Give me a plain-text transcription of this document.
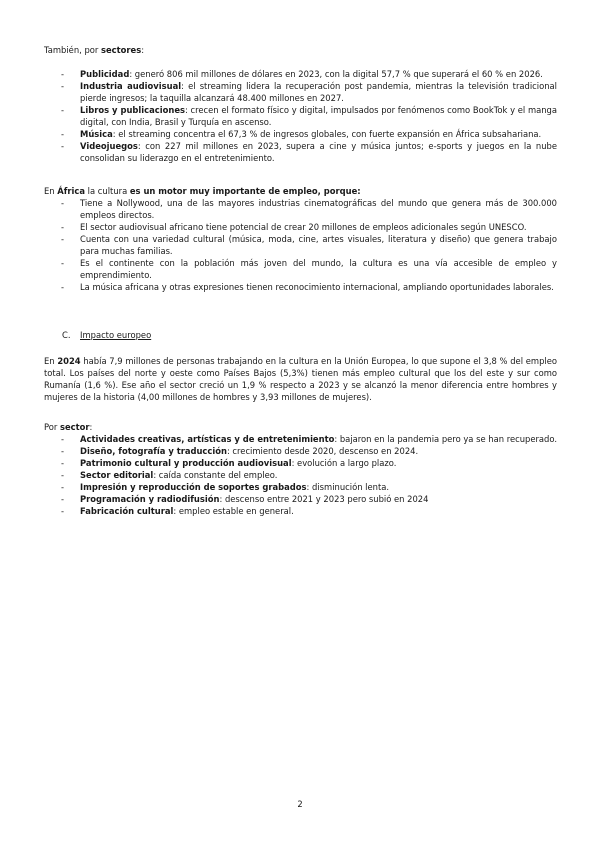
También, por sectores:

- Publicidad: generó 806 mil millones de dólares en 2023, con la digital 57,7 % que superará el 60 % en 2026.
- Industria audiovisual: el streaming lidera la recuperación post pandemia, mientras la televisión tradicional pierde ingresos; la taquilla alcanzará 48.400 millones en 2027.
- Libros y publicaciones: crecen el formato físico y digital, impulsados por fenómenos como BookTok y el manga digital, con India, Brasil y Turquía en ascenso.
- Música: el streaming concentra el 67,3 % de ingresos globales, con fuerte expansión en África subsahariana.
- Videojuegos: con 227 mil millones en 2023, supera a cine y música juntos; e-sports y juegos en la nube consolidan su liderazgo en el entretenimiento.

En África la cultura es un motor muy importante de empleo, porque:

- Tiene a Nollywood, una de las mayores industrias cinematográficas del mundo que genera más de 300.000 empleos directos.
- El sector audiovisual africano tiene potencial de crear 20 millones de empleos adicionales según UNESCO.
- Cuenta con una variedad cultural (música, moda, cine, artes visuales, literatura y diseño) que genera trabajo para muchas familias.
- Es el continente con la población más joven del mundo, la cultura es una vía accesible de empleo y emprendimiento.
- La música africana y otras expresiones tienen reconocimiento internacional, ampliando oportunidades laborales.
C. Impacto europeo

En 2024 había 7,9 millones de personas trabajando en la cultura en la Unión Europea, lo que supone el 3,8 % del empleo total. Los países del norte y oeste como Países Bajos (5,3%) tienen más empleo cultural que los del este y sur como Rumanía (1,6 %). Ese año el sector creció un 1,9 % respecto a 2023 y se alcanzó la menor diferencia entre hombres y mujeres de la historia (4,00 millones de hombres y 3,93 millones de mujeres).

Por sector:

- Actividades creativas, artísticas y de entretenimiento: bajaron en la pandemia pero ya se han recuperado.
- Diseño, fotografía y traducción: crecimiento desde 2020, descenso en 2024.
- Patrimonio cultural y producción audiovisual: evolución a largo plazo.
- Sector editorial: caída constante del empleo.
- Impresión y reproducción de soportes grabados: disminución lenta.
- Programación y radiodifusión: descenso entre 2021 y 2023 pero subió en 2024
- Fabricación cultural: empleo estable en general.
2
